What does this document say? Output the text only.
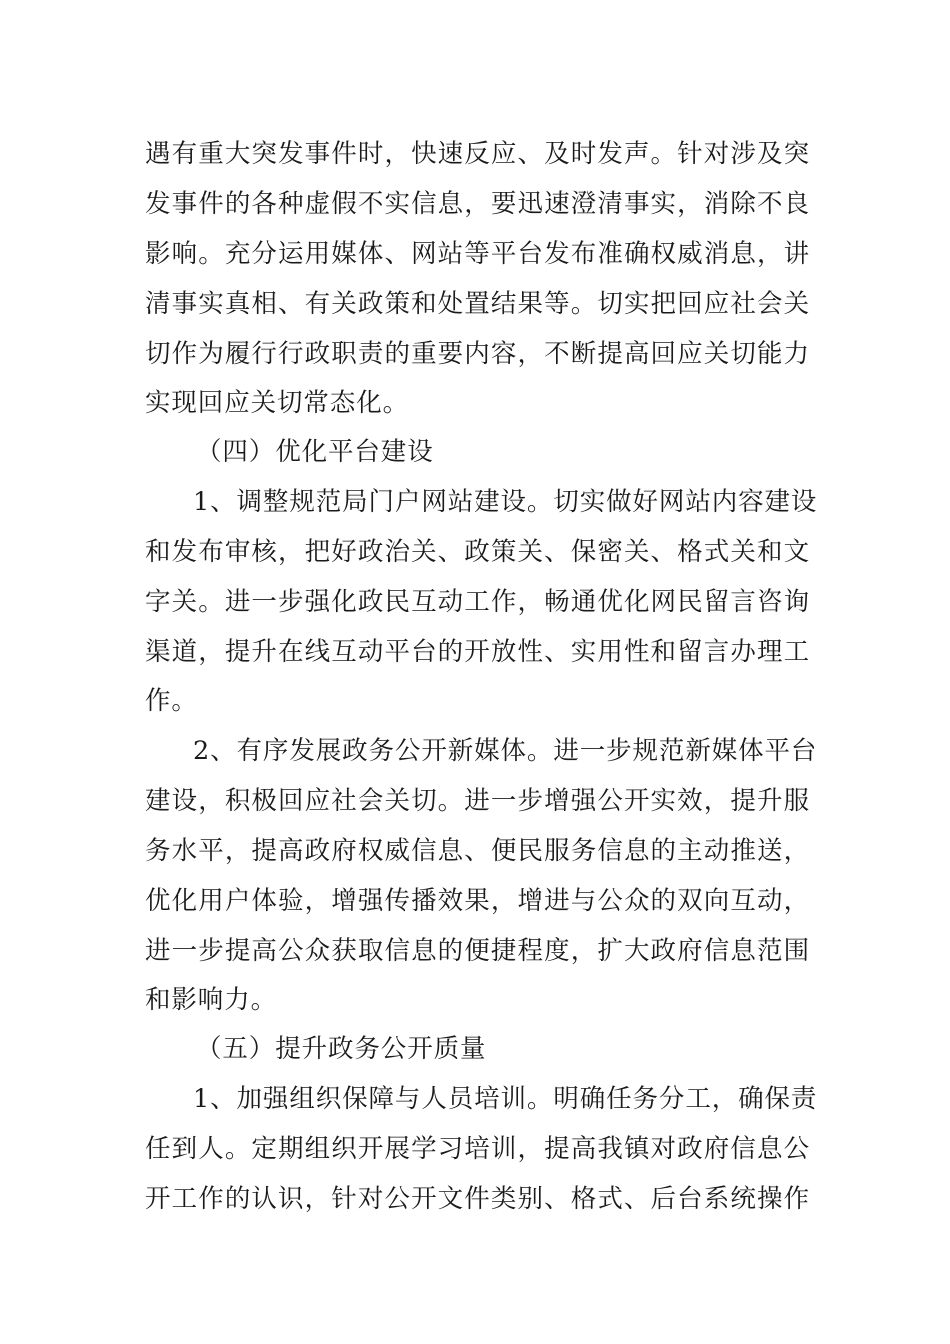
遇有重大突发事件时，快速反应、及时发声。针对涉及突
发事件的各种虚假不实信息，要迅速澄清事实，消除不良
影响。充分运用媒体、网站等平台发布准确权威消息，讲
清事实真相、有关政策和处置结果等。切实把回应社会关
切作为履行行政职责的重要内容，不断提高回应关切能力
实现回应关切常态化。
（四）优化平台建设
1、调整规范局门户网站建设。切实做好网站内容建设
和发布审核，把好政治关、政策关、保密关、格式关和文
字关。进一步强化政民互动工作，畅通优化网民留言咨询
渠道，提升在线互动平台的开放性、实用性和留言办理工
作。
2、有序发展政务公开新媒体。进一步规范新媒体平台
建设，积极回应社会关切。进一步增强公开实效，提升服
务水平，提高政府权威信息、便民服务信息的主动推送，
优化用户体验，增强传播效果，增进与公众的双向互动，
进一步提高公众获取信息的便捷程度，扩大政府信息范围
和影响力。
（五）提升政务公开质量
1、加强组织保障与人员培训。明确任务分工，确保责
任到人。定期组织开展学习培训，提高我镇对政府信息公
开工作的认识，针对公开文件类别、格式、后台系统操作
